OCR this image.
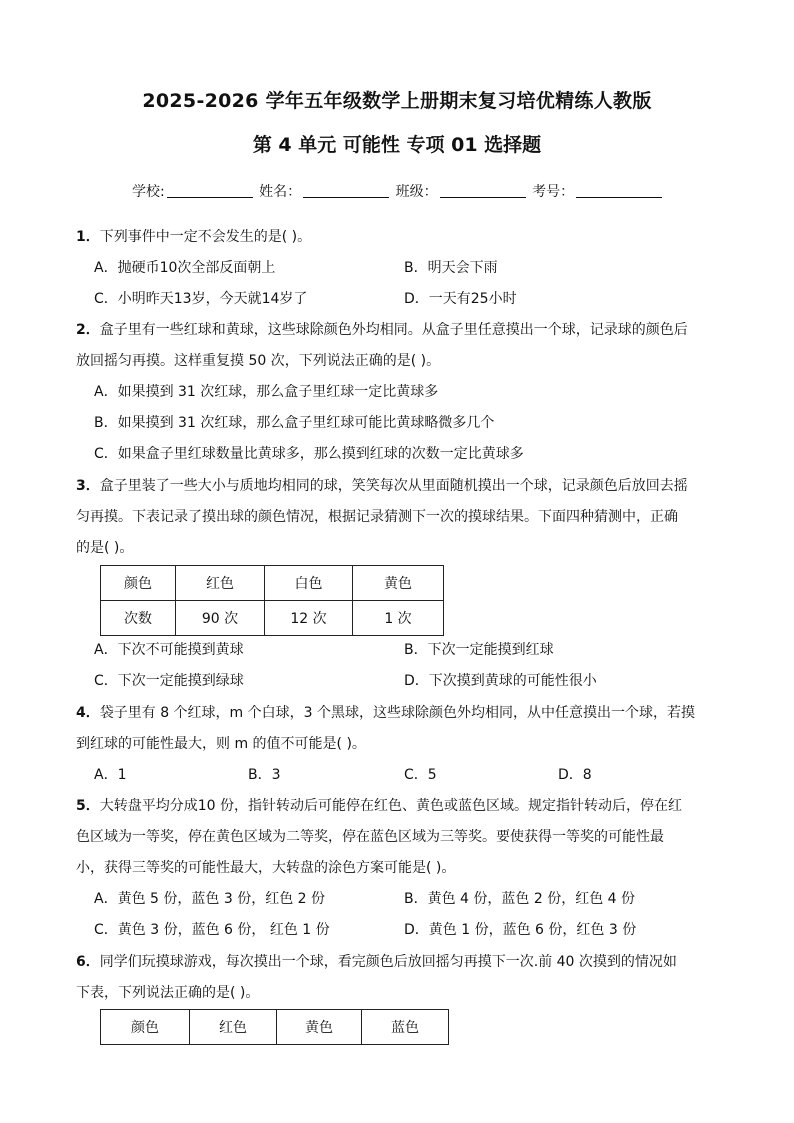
2025-2026 学年五年级数学上册期末复习培优精练人教版
第 4 单元 可能性 专项 01 选择题
学校:	姓名：	班级：	考号：
1．下列事件中一定不会发生的是( )。
A．抛硬币10次全部反面朝上	B．明天会下雨
C．小明昨天13岁，今天就14岁了	D．一天有25小时
2．盒子里有一些红球和黄球，这些球除颜色外均相同。从盒子里任意摸出一个球，记录球的颜色后
放回摇匀再摸。这样重复摸 50 次，下列说法正确的是( )。
A．如果摸到 31 次红球，那么盒子里红球一定比黄球多
B．如果摸到 31 次红球，那么盒子里红球可能比黄球略微多几个
C．如果盒子里红球数量比黄球多，那么摸到红球的次数一定比黄球多
3．盒子里装了一些大小与质地均相同的球，笑笑每次从里面随机摸出一个球，记录颜色后放回去摇
匀再摸。下表记录了摸出球的颜色情况，根据记录猜测下一次的摸球结果。下面四种猜测中，正确
的是( )。
颜色	红色	白色	黄色
次数	90 次	12 次	1 次
A．下次不可能摸到黄球	B．下次一定能摸到红球
C．下次一定能摸到绿球	D．下次摸到黄球的可能性很小
4．袋子里有 8 个红球，m 个白球，3 个黑球，这些球除颜色外均相同，从中任意摸出一个球，若摸
到红球的可能性最大，则 m 的值不可能是( )。
A．1	B．3	C．5	D．8
5．大转盘平均分成10 份，指针转动后可能停在红色、黄色或蓝色区域。规定指针转动后，停在红
色区域为一等奖，停在黄色区域为二等奖，停在蓝色区域为三等奖。要使获得一等奖的可能性最
小，获得三等奖的可能性最大，大转盘的涂色方案可能是( )。
A．黄色 5 份，蓝色 3 份，红色 2 份	B．黄色 4 份，蓝色 2 份，红色 4 份
C．黄色 3 份，蓝色 6 份， 红色 1 份	D．黄色 1 份，蓝色 6 份，红色 3 份
6．同学们玩摸球游戏，每次摸出一个球，看完颜色后放回摇匀再摸下一次.前 40 次摸到的情况如
下表，下列说法正确的是( )。
颜色	红色	黄色	蓝色
